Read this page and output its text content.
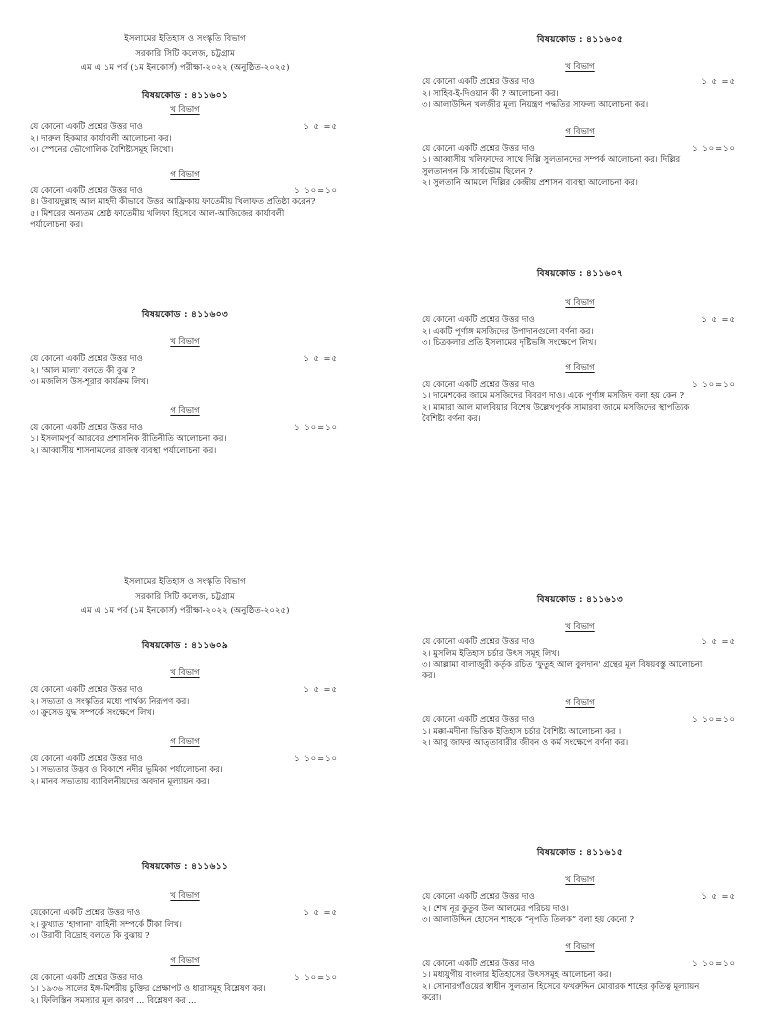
ইসলামের ইতিহাস ও সংস্কৃতি বিভাগ
সরকারি সিটি কলেজ, চট্টগ্রাম
এম এ ১ম পর্ব (১ম ইনকোর্স) পরীক্ষা-২০২২ (অনুষ্ঠিত-২০২৫)
বিষয়কোড : ৪১১৬০১
খ বিভাগ
যে কোনো একটি প্রশ্নের উত্তর দাও	১ ৫ =৫
২। দারুল হিকমার কার্যাবলী আলোচনা কর।
৩। স্পেনের ভৌগোলিক বৈশিষ্ট্যসমূহ লিখো।
গ বিভাগ
যে কোনো একটি প্রশ্নের উত্তর দাও	১ ১০=১০
৪। উবায়দুল্লাহ আল মাহদী কীভাবে উত্তর আফ্রিকায় ফাতেমীয় খিলাফত প্রতিষ্ঠা করেন?
৫। মিশরের অন্যতম শ্রেষ্ঠ ফাতেমীয় খলিফা হিসেবে আল-আজিজের কার্যাবলী
পর্যালোচনা কর।
বিষয়কোড : ৪১১৬০৩
খ বিভাগ
যে কোনো একটি প্রশ্নের উত্তর দাও	১ ৫ =৫
২। 'আল মাল্য' বলতে কী বুঝ ?
৩। মজলিস উস-শূরার কার্যক্রম লিখ।
গ বিভাগ
যে কোনো একটি প্রশ্নের উত্তর দাও	১ ১০=১০
১। ইসলামপূর্ব আরবের প্রশাসনিক রীতিনীতি আলোচনা কর।
২। আব্বাসীয় শাসনামলের রাজস্ব ব্যবস্থা পর্যালোচনা কর।
বিষয়কোড : ৪১১৬০৫
খ বিভাগ
যে কোনো একটি প্রশ্নের উত্তর দাও	১ ৫ =৫
২। সাহিব-ই-দিওয়ান কী ? আলোচনা কর।
৩। আলাউদ্দিন খলজীর মূল্য নিয়ন্ত্রণ পদ্ধতির সাফল্য আলোচনা কর।
গ বিভাগ
যে কোনো একটি প্রশ্নের উত্তর দাও	১ ১০=১০
১। আব্বাসীয় খলিফাদের সাথে দিল্লি সুলতানদের সম্পর্ক আলোচনা কর। দিল্লির
সুলতানগন কি সার্বভৌম ছিলেন ?
২। সুলতানি আমলে দিল্লির কেন্দ্রীয় প্রশাসন ব্যবস্থা আলোচনা কর।
বিষয়কোড : ৪১১৬০৭
খ বিভাগ
যে কোনো একটি প্রশ্নের উত্তর দাও	১ ৫ =৫
২। একটি পূর্ণাঙ্গ মসজিদের উপাদানগুলো বর্ণনা কর।
৩। চিত্রকলার প্রতি ইসলামের দৃষ্টিভঙ্গি সংক্ষেপে লিখ।
গ বিভাগ
যে কোনো একটি প্রশ্নের উত্তর দাও	১ ১০=১০
১। দামেশকের জামে মসজিদের বিবরণ দাও। একে পূর্ণাঙ্গ মসজিদ বলা হয় কেন ?
২। মামারা আল মালবিয়ার বিশেষ উল্লেখপূর্বক সামারবা জামে মসজিদের স্থাপত্যিক
বৈশিষ্ট্য বর্ণনা কর।
ইসলামের ইতিহাস ও সংস্কৃতি বিভাগ
সরকারি সিটি কলেজ, চট্টগ্রাম
এম এ ১ম পর্ব (১ম ইনকোর্স) পরীক্ষা-২০২২ (অনুষ্ঠিত-২০২৫)
বিষয়কোড : ৪১১৬০৯
খ বিভাগ
যে কোনো একটি প্রশ্নের উত্তর দাও	১ ৫ =৫
২। সভ্যতা ও সংস্কৃতির মধ্যে পার্থক্য নিরূপণ কর।
৩। ক্রুসেড যুদ্ধ সম্পর্কে সংক্ষেপে লিখ।
গ বিভাগ
যে কোনো একটি প্রশ্নের উত্তর দাও	১ ১০=১০
১। সভ্যতার উদ্ভব ও বিকাশে নদীর ভূমিকা পর্যালোচনা কর।
২। মানব সভ্যতায় ব্যাবিলনীয়দের অবদান মূল্যায়ন কর।
বিষয়কোড : ৪১১৬১১
খ বিভাগ
যেকোনো একটি প্রশ্নের উত্তর দাও	১ ৫ =৫
২। কুখ্যাত 'হাগানা' বাহিনী সম্পর্কে টীকা লিখ।
৩। উরাবী বিদ্রোহ বলতে কি বুঝায় ?
গ বিভাগ
যে কোনো একটি প্রশ্নের উত্তর দাও	১ ১০=১০
১। ১৯৩৬ সালের ইঙ্গ-মিশরীয় চুক্তির প্রেক্ষাপট ও ধারাসমূহ বিশ্লেষণ কর।
২। ফিলিস্তিন সমস্যার মূল কারণ ... বিশ্লেষণ কর ...
বিষয়কোড : ৪১১৬১৩
খ বিভাগ
যে কোনো একটি প্রশ্নের উত্তর দাও	১ ৫ =৫
২। মুসলিম ইতিহাস চর্চার উৎস সমূহ লিখ।
৩। আল্লামা বালাজুরী কর্তৃক রচিত 'ফুতুহ আল বুলদান' গ্রন্থের মূল বিষয়বস্তু আলোচনা
কর।
গ বিভাগ
যে কোনো একটি প্রশ্নের উত্তর দাও	১ ১০=১০
১। মক্কা-মদীনা ভিত্তিক ইতিহাস চর্চার বৈশিষ্ট্য আলোচনা কর ।
২। আবু জাফর আত্‌তাবারীর জীবন ও কর্ম সংক্ষেপে বর্ণনা কর।
বিষয়কোড : ৪১১৬১৫
খ বিভাগ
যে কোনো একটি প্রশ্নের উত্তর দাও	১ ৫ =৫
২। শেখ নূর কুতুব উল আলমের পরিচয় দাও।
৩। আলাউদ্দিন হোসেন শাহকে “নৃপতি তিলক” বলা হয় কেনো ?
গ বিভাগ
যে কোনো একটি প্রশ্নের উত্তর দাও	১ ১০=১০
১। মধ্যযুগীয় বাংলার ইতিহাসের উৎসসমূহ আলোচনা কর।
২। সোনারগাঁওয়ের স্বাধীন সুলতান হিসেবে ফখরুদ্দিন মোবারক শাহের কৃতিত্ব মূল্যায়ন
করো।
